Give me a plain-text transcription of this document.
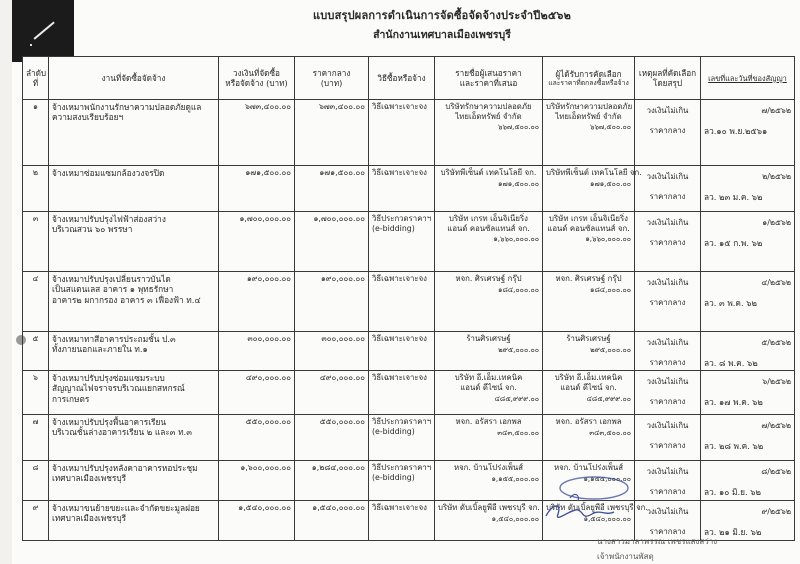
แบบสรุปผลการดำเนินการจัดซื้อจัดจ้างประจำปี๒๕๖๒
สำนักงานเทศบาลเมืองเพชรบุรี
ลำดับที่	งานที่จัดซื้อจัดจ้าง	วงเงินที่จัดซื้อ
หรือจัดจ้าง (บาท)	ราคากลาง
(บาท)	วิธีซื้อหรือจ้าง	รายชื่อผู้เสนอราคา
และราคาที่เสนอ	ผู้ได้รับการคัดเลือก
และราคาที่ตกลงซื้อหรือจ้าง	เหตุผลที่คัดเลือก
โดยสรุป	เลขที่และวันที่ของสัญญา
๑	จ้างเหมาพนักงานรักษาความปลอดภัยดูแล
ความสงบเรียบร้อยฯ	๖๗๓,๔๐๐.๐๐	๖๗๓,๔๐๐.๐๐	วิธีเฉพาะเจาะจง	บริษัทรักษาความปลอดภัย
ไทยเอ็ดทรัพย์ จำกัด
๖๖๗,๕๐๐.๐๐	บริษัทรักษาความปลอดภัย
ไทยเอ็ดทรัพย์ จำกัด
๖๖๗,๕๐๐.๐๐	วงเงินไม่เกิน
ราคากลาง	๗/๒๕๖๒
ลว.๑๐ พ.ย.๒๕๖๑

๒	จ้างเหมาซ่อมแซมกล้องวงจรปิด	๑๗๑,๕๐๐.๐๐	๑๗๑,๕๐๐.๐๐	วิธีเฉพาะเจาะจง	บริษัทพีเซ็นต์ เทคโนโลยี จก.
๑๗๑,๕๐๐.๐๐	บริษัทพีเซ็นต์ เทคโนโลยี จก.
๑๗๑,๕๐๐.๐๐	วงเงินไม่เกิน
ราคากลาง	๒/๒๕๖๒
ลว. ๒๓ ม.ค. ๖๒

๓	จ้างเหมาปรับปรุงไฟฟ้าส่องสว่าง
บริเวณสวน ๖๐ พรรษา	๑,๗๐๐,๐๐๐.๐๐	๑,๗๐๐,๐๐๐.๐๐	วิธีประกวดราคาฯ
(e-bidding)	บริษัท เกรท เอ็นจิเนียริ่ง
แอนด์ คอนซัลแทนส์ จก.
๑,๖๖๐,๐๐๐.๐๐	บริษัท เกรท เอ็นจิเนียริ่ง
แอนด์ คอนซัลแทนส์ จก.
๑,๖๖๐,๐๐๐.๐๐	วงเงินไม่เกิน
ราคากลาง	๑/๒๕๖๒
ลว. ๑๕ ก.พ. ๖๒

๔	จ้างเหมาปรับปรุงเปลี่ยนราวบันได
เป็นสแตนเลส อาคาร ๑ พุทธรักษา
อาคาร๒ ผกากรอง อาคาร ๓ เฟื่องฟ้า ท.๔	๑๙๐,๐๐๐.๐๐	๑๙๐,๐๐๐.๐๐	วิธีเฉพาะเจาะจง	หจก. ศิรเศรษฐ์ กรุ๊ป
๑๘๔,๐๐๐.๐๐	หจก. ศิรเศรษฐ์ กรุ๊ป
๑๘๔,๐๐๐.๐๐	วงเงินไม่เกิน
ราคากลาง	๔/๒๕๖๒
ลว. ๓ พ.ค. ๖๒

๕	จ้างเหมาทาสีอาคารประถมชั้น ป.๓
ทั้งภายนอกและภายใน ท.๑	๓๐๐,๐๐๐.๐๐	๓๐๐,๐๐๐.๐๐	วิธีเฉพาะเจาะจง	ร้านศิรเศรษฐ์
๒๙๕,๐๐๐.๐๐	ร้านศิรเศรษฐ์
๒๙๕,๐๐๐.๐๐	วงเงินไม่เกิน
ราคากลาง	๕/๒๕๖๒
ลว. ๘ พ.ค. ๖๒

๖	จ้างเหมาปรับปรุงซ่อมแซมระบบ
สัญญาณไฟจราจรบริเวณแยกสหกรณ์
การเกษตร	๔๙๐,๐๐๐.๐๐	๔๙๐,๐๐๐.๐๐	วิธีเฉพาะเจาะจง	บริษัท อี.เอ็ม.เทคนิค
แอนด์ ดีไซน์ จก.
๔๘๕,๙๙๙.๐๐	บริษัท อี.เอ็ม.เทคนิค
แอนด์ ดีไซน์ จก.
๔๘๕,๙๙๙.๐๐	วงเงินไม่เกิน
ราคากลาง	๖/๒๕๖๒
ลว. ๑๗ พ.ค. ๖๒

๗	จ้างเหมาปรับปรุงพื้นอาคารเรียน
บริเวณชั้นล่างอาคารเรียน ๒ และ๓ ท.๓	๕๕๐,๐๐๐.๐๐	๕๕๐,๐๐๐.๐๐	วิธีประกวดราคาฯ
(e-bidding)	หจก. อรัสรา เอกพล
๓๔๓,๕๐๐.๐๐	หจก. อรัสรา เอกพล
๓๔๓,๕๐๐.๐๐	วงเงินไม่เกิน
ราคากลาง	๗/๒๕๖๒
ลว. ๒๘ พ.ค. ๖๒

๘	จ้างเหมาปรับปรุงหลังคาอาคารหอประชุม
เทศบาลเมืองเพชรบุรี	๑,๖๐๐,๐๐๐.๐๐	๑,๒๘๔,๐๐๐.๐๐	วิธีประกวดราคาฯ
(e-bidding)	หจก. บ้านโปร่งเพ็นส์
๑,๑๕๕,๐๐๐.๐๐	หจก. บ้านโปร่งเพ็นส์
๑,๑๕๕,๐๐๐.๐๐	วงเงินไม่เกิน
ราคากลาง	๘/๒๕๖๒
ลว. ๑๐ มิ.ย. ๖๒

๙	จ้างเหมาขนย้ายขยะและจำกัดขยะมูลฝอย
เทศบาลเมืองเพชรบุรี	๑,๕๔๐,๐๐๐.๐๐	๑,๕๔๐,๐๐๐.๐๐	วิธีเฉพาะเจาะจง	บริษัท ดับเบิ้ลยูพีอี เพชรบุรี จก.
๑,๕๔๐,๐๐๐.๐๐	บริษัท ดับเบิ้ลยูพีอี เพชรบุรี จก.
๑,๕๔๐,๐๐๐.๐๐	วงเงินไม่เกิน
ราคากลาง	๙/๒๕๖๒
ลว. ๒๑ มิ.ย. ๖๒
นางสาวมาลาพรรณ เพชรแสงสว่าง
เจ้าพนักงานพัสดุ
